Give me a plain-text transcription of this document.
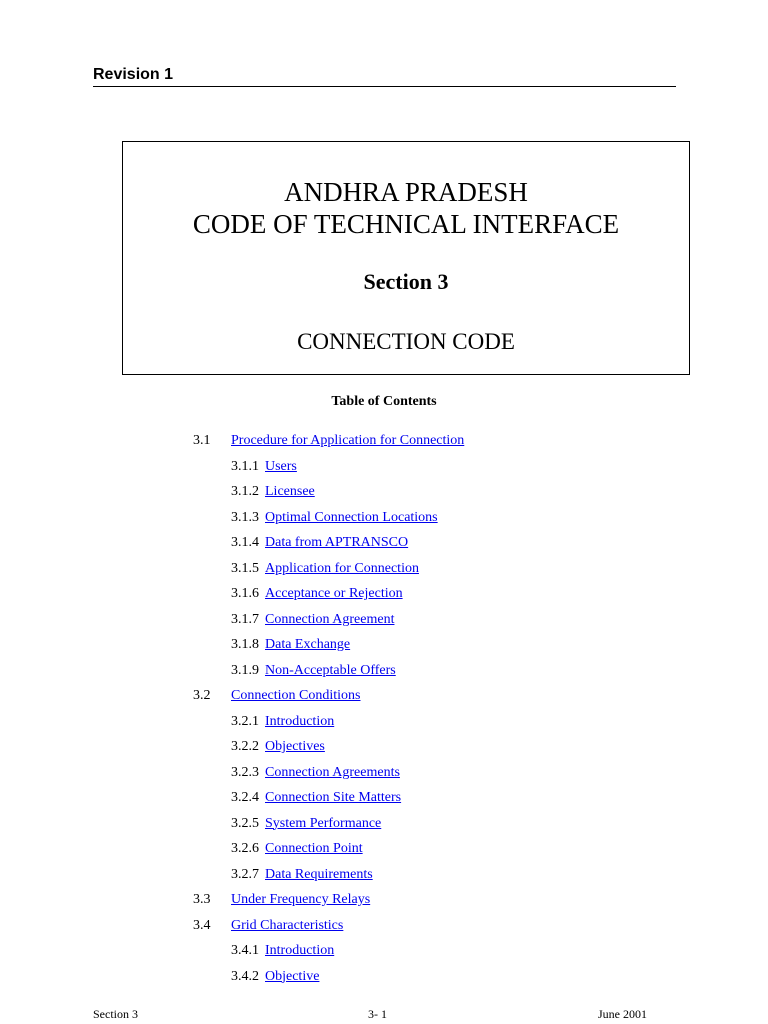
Revision 1
ANDHRA PRADESH
CODE OF TECHNICAL INTERFACE
Section 3
CONNECTION CODE
Table of Contents
3.1 Procedure for Application for Connection
3.1.1 Users
3.1.2 Licensee
3.1.3 Optimal Connection Locations
3.1.4 Data from APTRANSCO
3.1.5 Application for Connection
3.1.6 Acceptance or Rejection
3.1.7 Connection Agreement
3.1.8 Data Exchange
3.1.9 Non-Acceptable Offers
3.2 Connection Conditions
3.2.1 Introduction
3.2.2 Objectives
3.2.3 Connection Agreements
3.2.4 Connection Site Matters
3.2.5 System Performance
3.2.6 Connection Point
3.2.7 Data Requirements
3.3 Under Frequency Relays
3.4 Grid Characteristics
3.4.1 Introduction
3.4.2 Objective
Section 3	3- 1	June 2001
